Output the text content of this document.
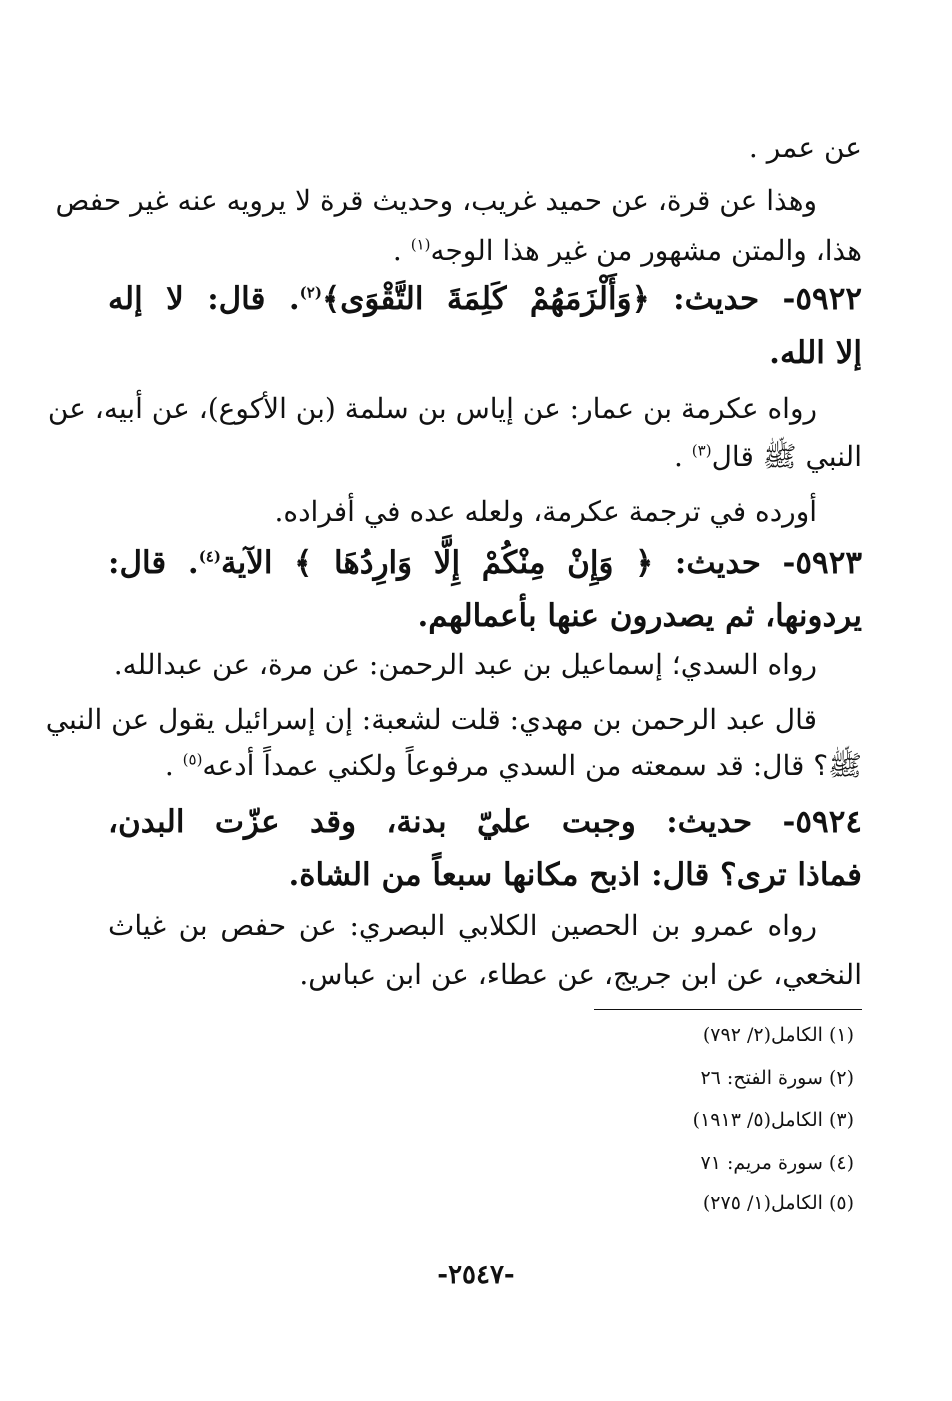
عن عمر .
وهذا عن قرة، عن حميد غريب، وحديث قرة لا يرويه عنه غير حفص
هذا، والمتن مشهور من غير هذا الوجه$^{(١)}$ .
٥٩٢٢- حديث: ﴿وَأَلْزَمَهُمْ كَلِمَةَ التَّقْوَى﴾$^{(٢)}$. قال: لا إله
إلا الله.
رواه عكرمة بن عمار: عن إياس بن سلمة (بن الأكوع)، عن أبيه، عن
النبي ﷺ قال$^{(٣)}$ .
أورده في ترجمة عكرمة، ولعله عده في أفراده.
٥٩٢٣- حديث: ﴿ وَإِنْ مِنْكُمْ إِلَّا وَارِدُهَا ﴾ الآية$^{(٤)}$. قال:
يردونها، ثم يصدرون عنها بأعمالهم.
رواه السدي؛ إسماعيل بن عبد الرحمن: عن مرة، عن عبدالله.
قال عبد الرحمن بن مهدي: قلت لشعبة: إن إسرائيل يقول عن النبي
ﷺ؟ قال: قد سمعته من السدي مرفوعاً ولكني عمداً أدعه$^{(٥)}$ .
٥٩٢٤- حديث: وجبت عليّ بدنة، وقد عزّت البدن،
فماذا ترى؟ قال: اذبح مكانها سبعاً من الشاة.
رواه عمرو بن الحصين الكلابي البصري: عن حفص بن غياث
النخعي، عن ابن جريج، عن عطاء، عن ابن عباس.
(١) الكامل(٢/ ٧٩٢)
(٢) سورة الفتح: ٢٦
(٣) الكامل(٥/ ١٩١٣)
(٤) سورة مريم: ٧١
(٥) الكامل(١/ ٢٧٥)
-٢٥٤٧-
